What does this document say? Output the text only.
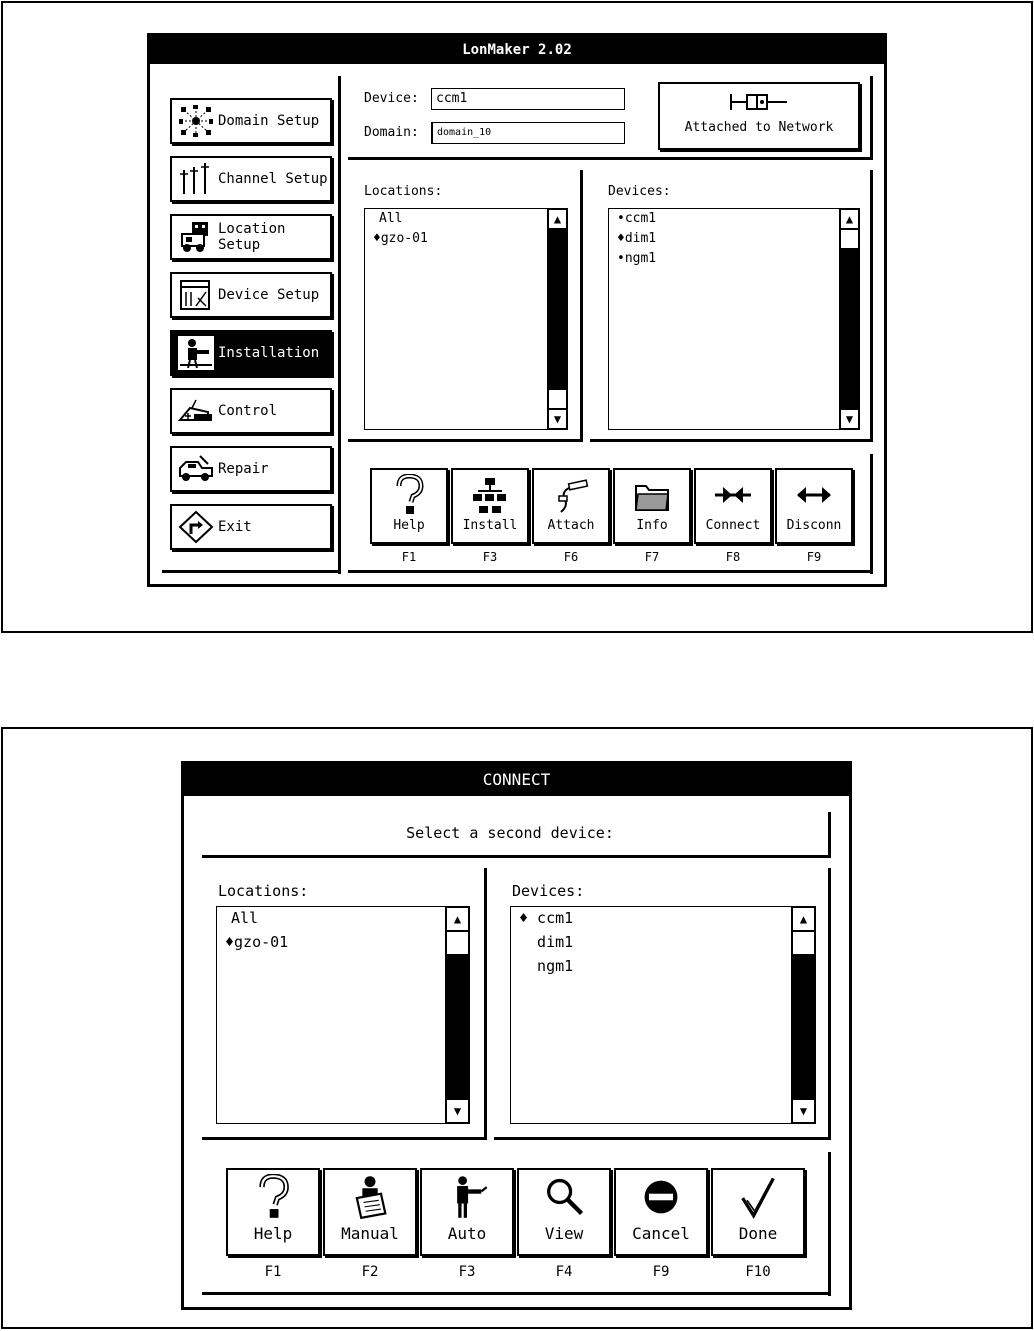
LonMaker 2.02
Domain Setup
Channel Setup
Location Setup
Device Setup
Installation
Control
Repair
Exit
Device:	ccm1
Domain:	domain_10	Attached to Network
Locations:
All
♦gzo-01
▲
▼
Devices:
•ccm1
♦dim1
•ngm1
▲
▼
Help	Install	Attach	Info	Connect	Disconn
F1	F3	F6	F7	F8	F9
CONNECT
Select a second device:
Locations:
All
♦gzo-01
▲
▼
Devices:
♦ ccm1
dim1
ngm1
▲
▼
Help	Manual	Auto	View	Cancel	Done
F1	F2	F3	F4	F9	F10
